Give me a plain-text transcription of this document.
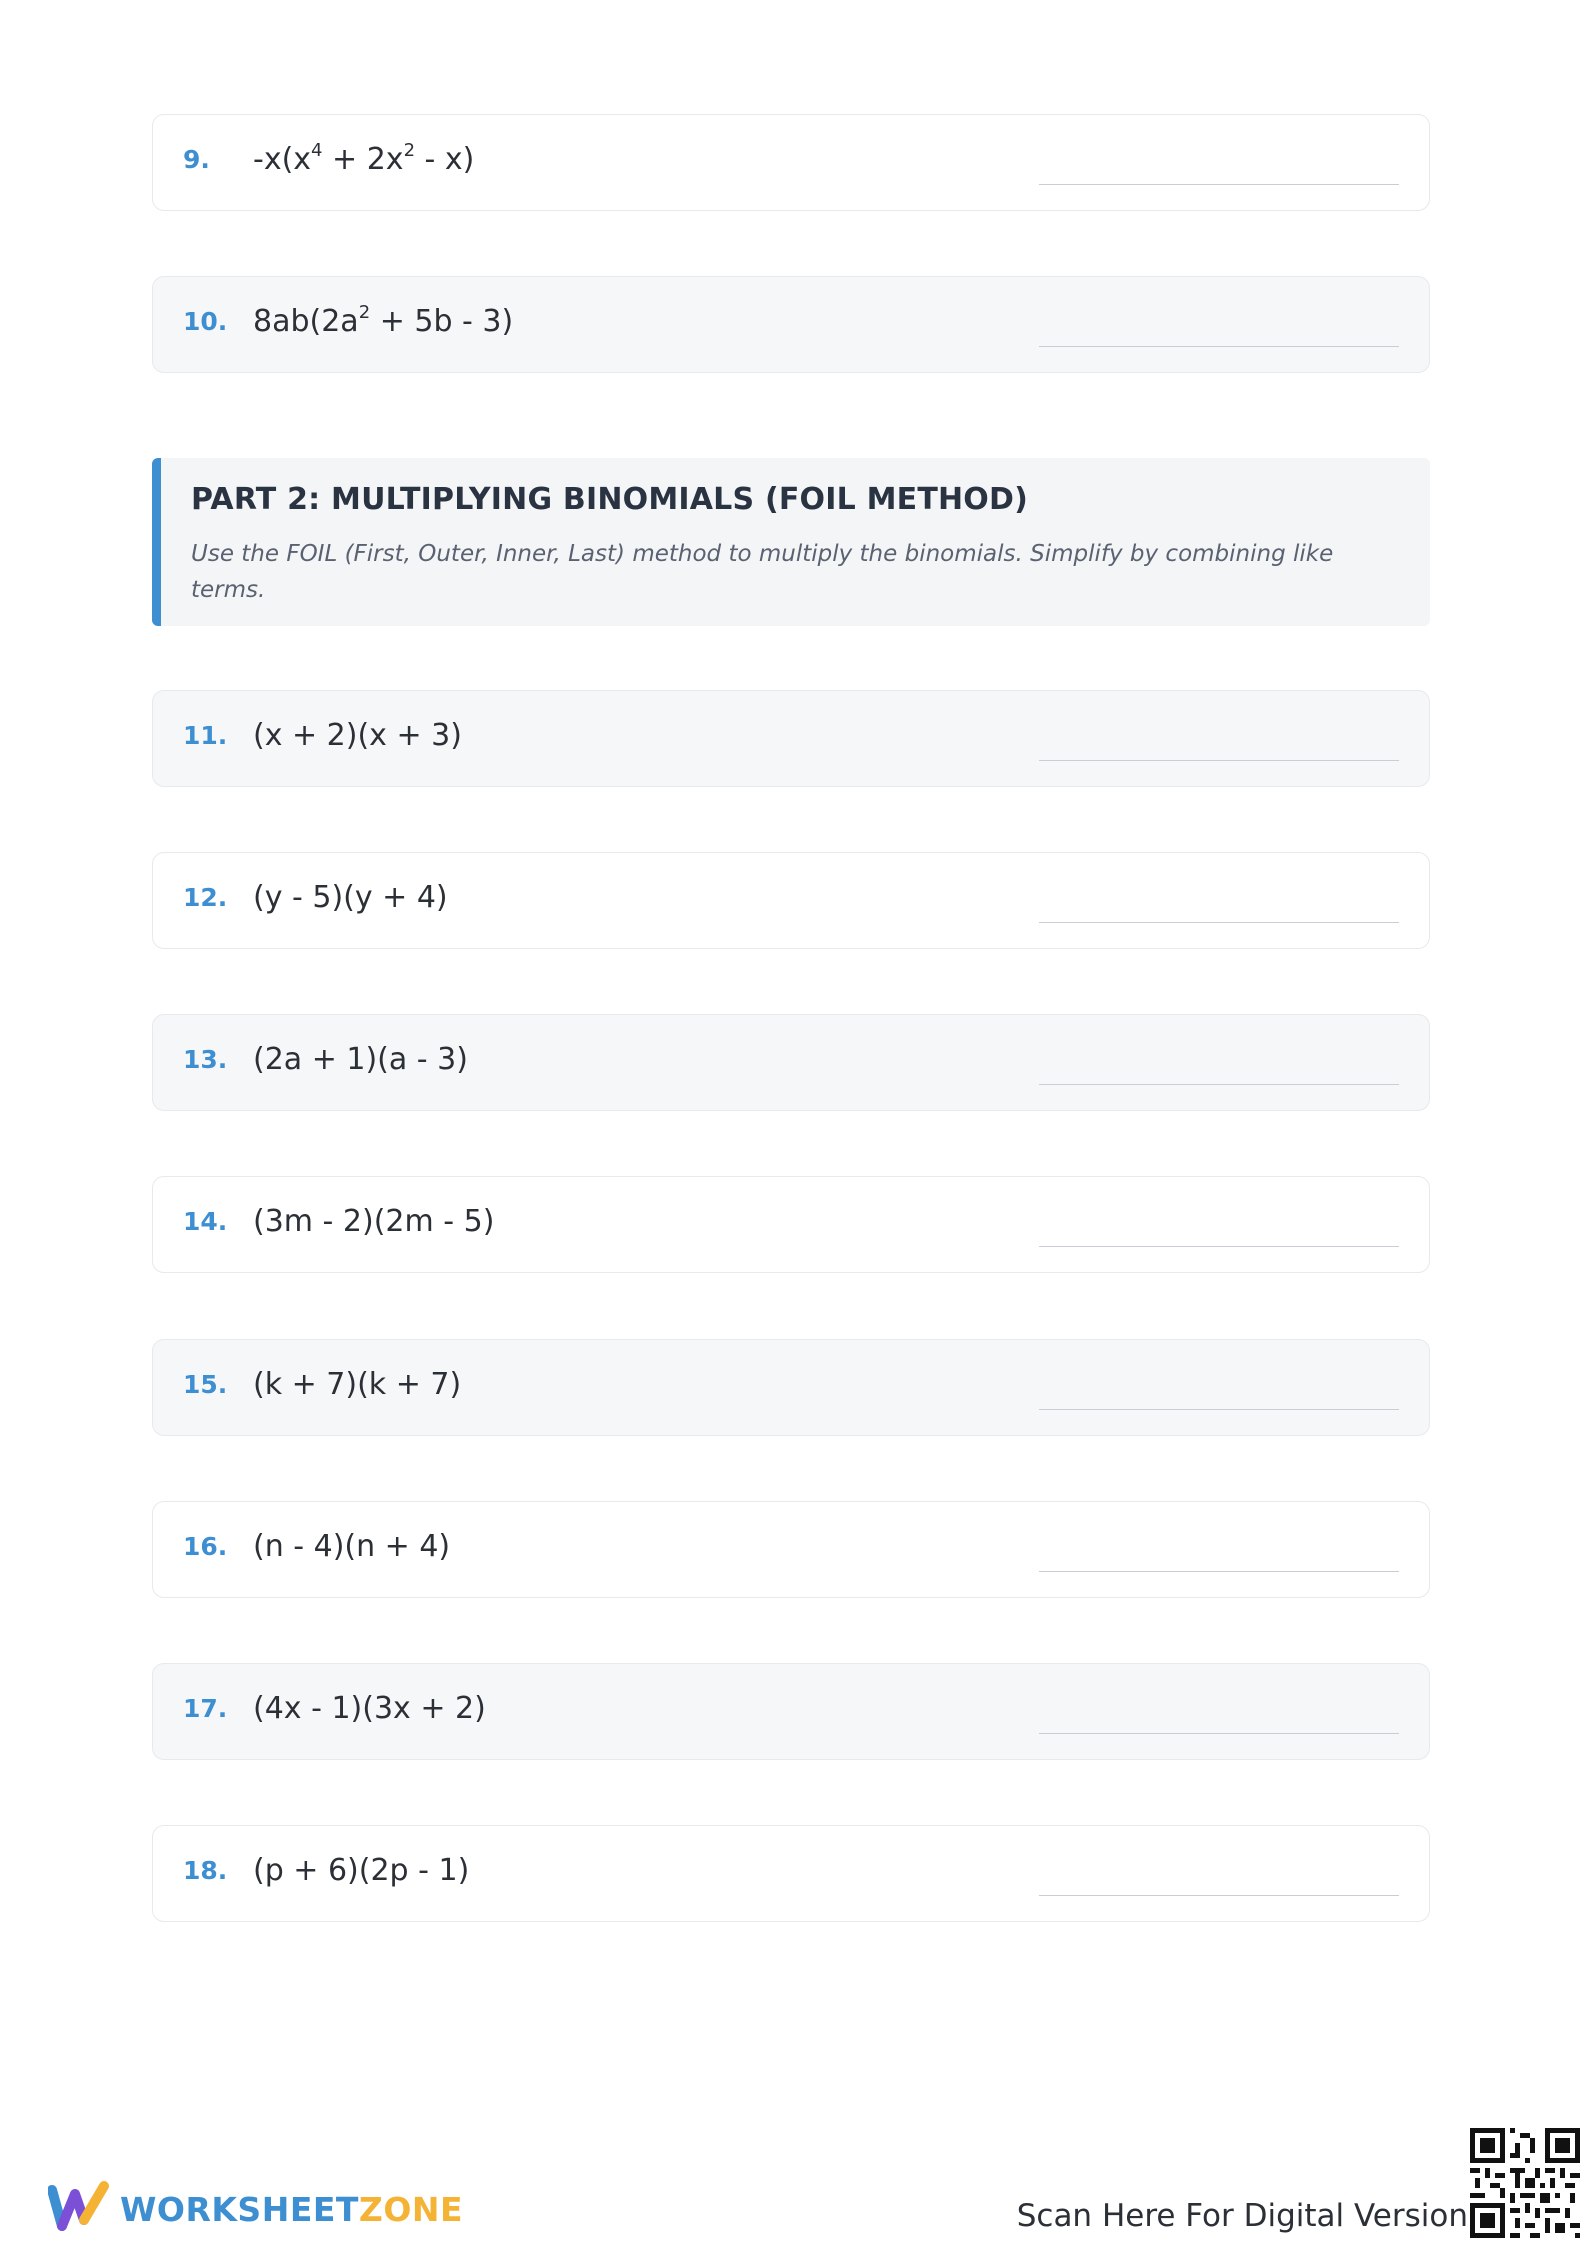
9. $-x(x^4 + 2x^2 - x)$
10. $8ab(2a^2 + 5b - 3)$
PART 2: MULTIPLYING BINOMIALS (FOIL METHOD)
Use the FOIL (First, Outer, Inner, Last) method to multiply the binomials. Simplify by combining like terms.
11. (x + 2)(x + 3)
12. (y - 5)(y + 4)
13. (2a + 1)(a - 3)
14. (3m - 2)(2m - 5)
15. (k + 7)(k + 7)
16. (n - 4)(n + 4)
17. (4x - 1)(3x + 2)
18. (p + 6)(2p - 1)
WORKSHEETZONE	Scan Here For Digital Version
